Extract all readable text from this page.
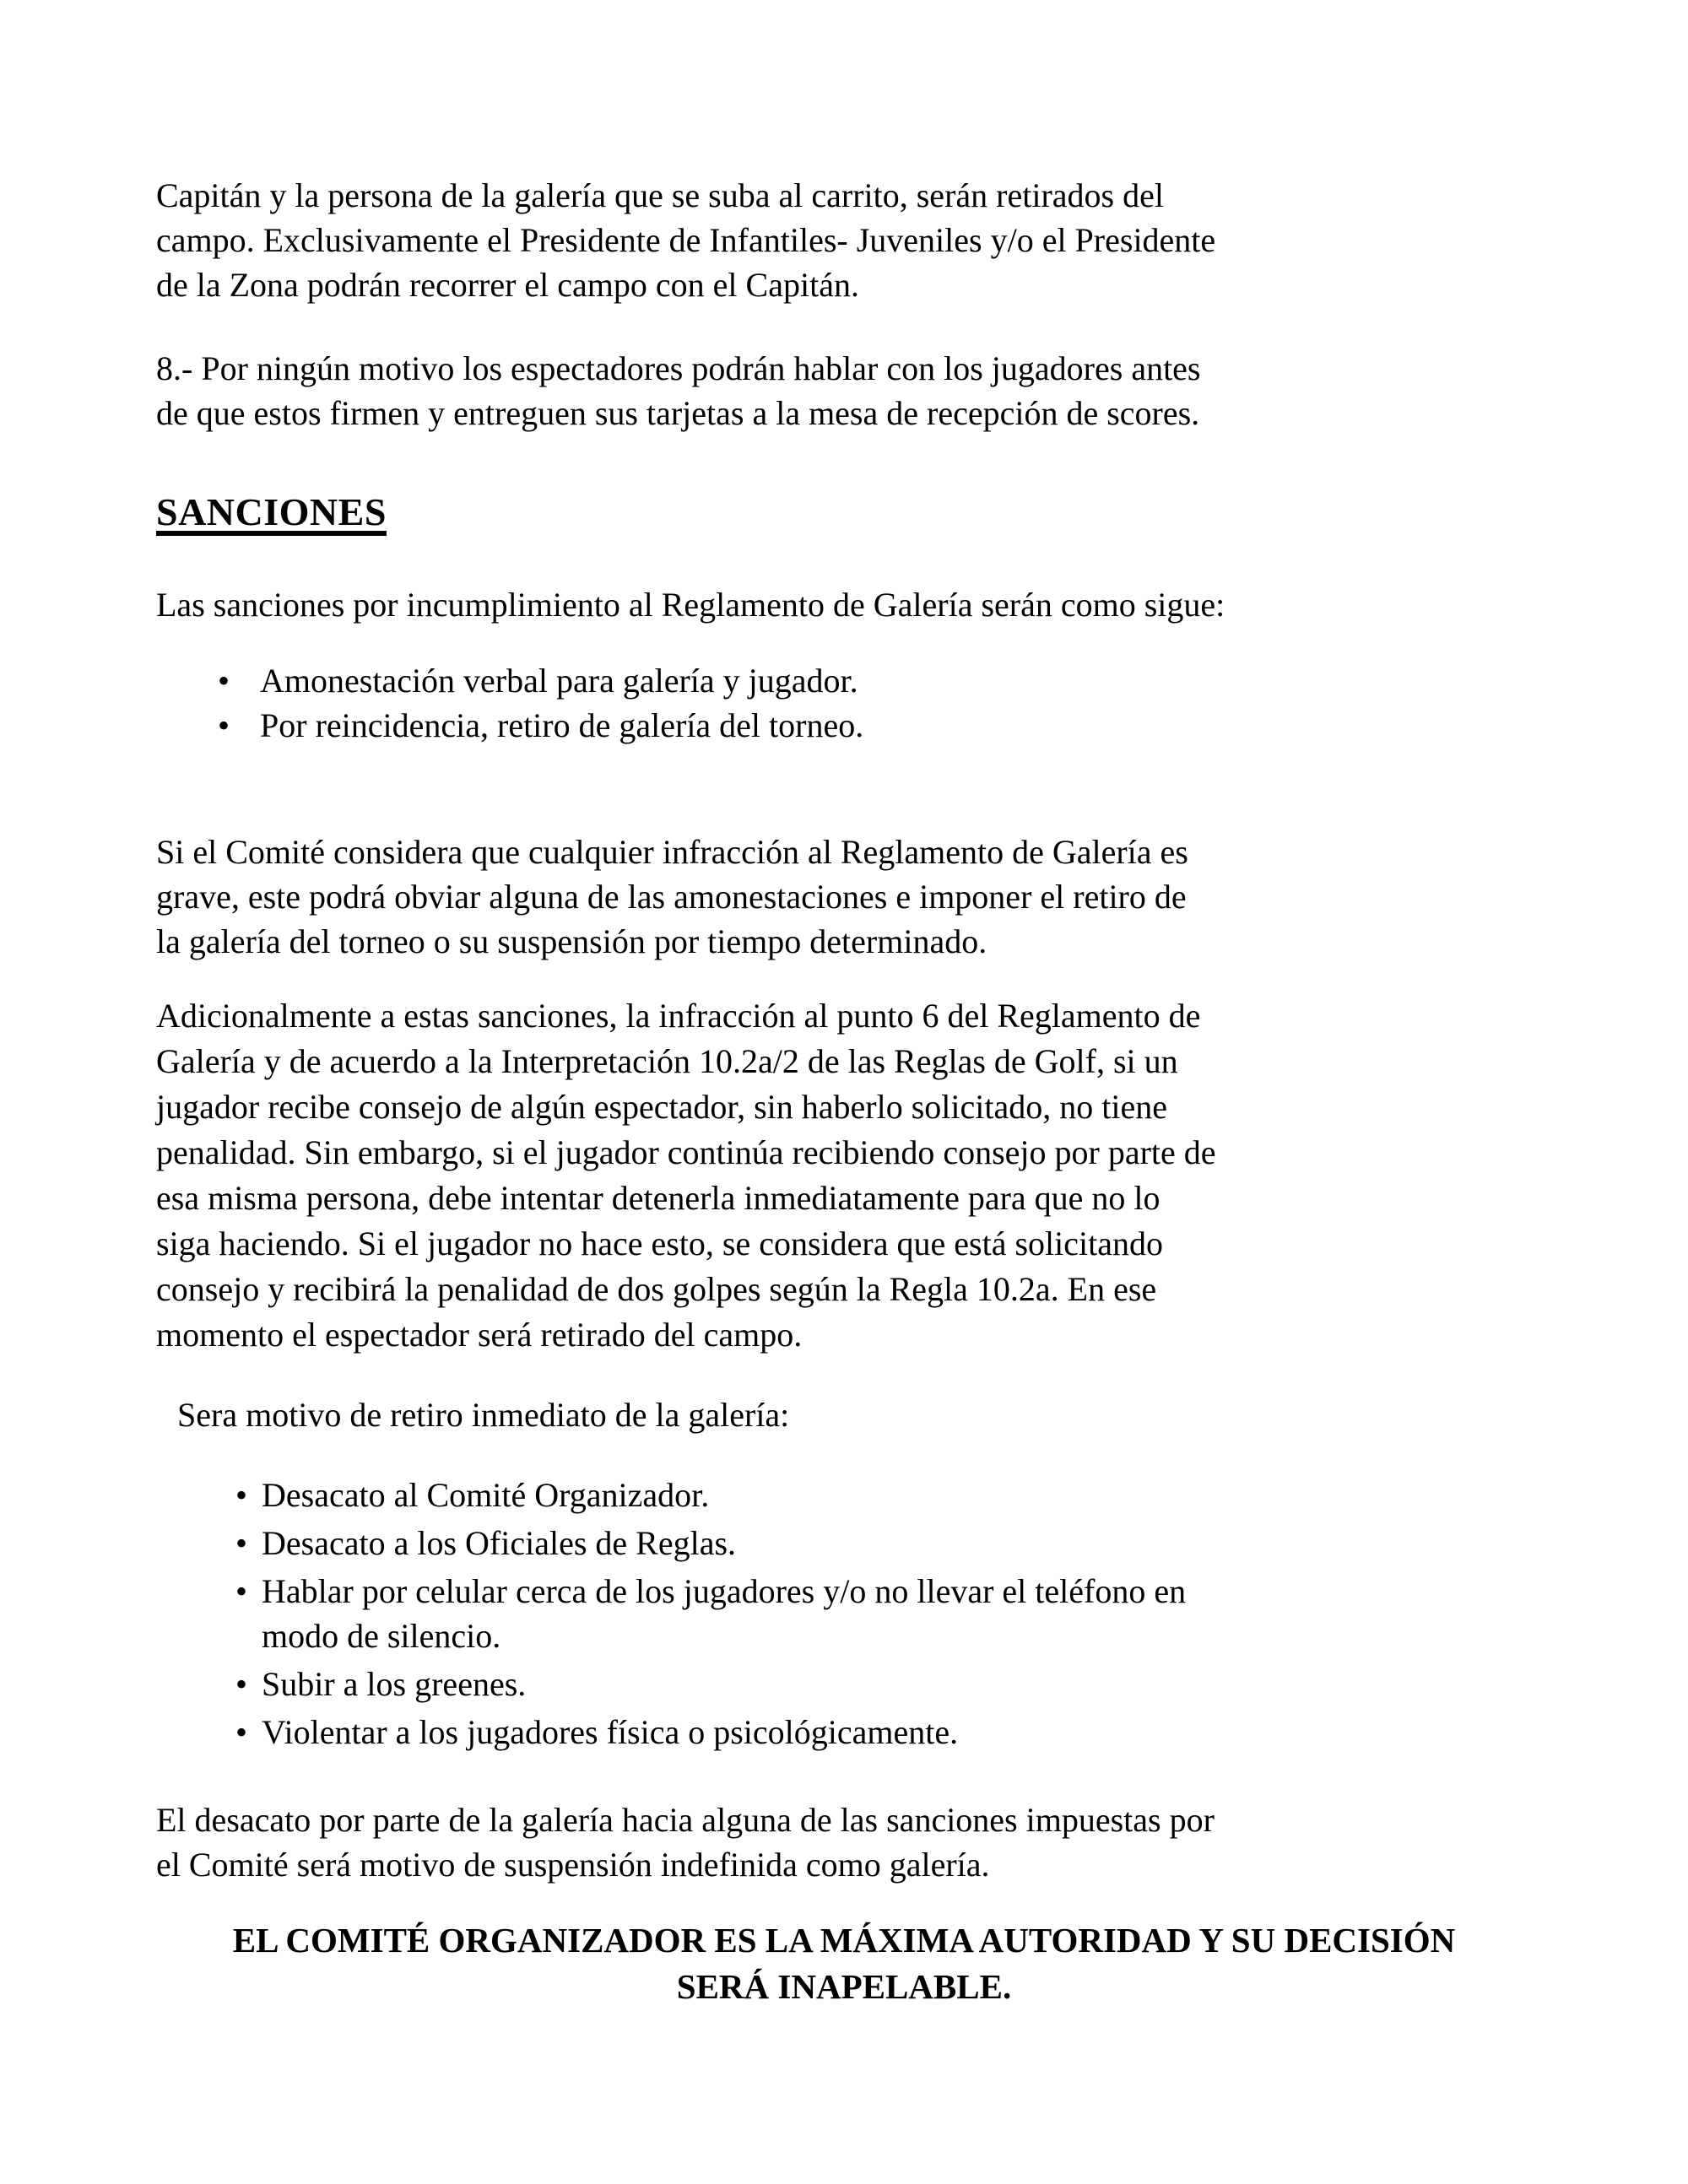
Capitán y la persona de la galería que se suba al carrito, serán retirados del
campo. Exclusivamente el Presidente de Infantiles- Juveniles y/o el Presidente
de la Zona podrán recorrer el campo con el Capitán.
8.- Por ningún motivo los espectadores podrán hablar con los jugadores antes
de que estos firmen y entreguen sus tarjetas a la mesa de recepción de scores.
SANCIONES
Las sanciones por incumplimiento al Reglamento de Galería serán como sigue:
• Amonestación verbal para galería y jugador.
• Por reincidencia, retiro de galería del torneo.
Si el Comité considera que cualquier infracción al Reglamento de Galería es
grave, este podrá obviar alguna de las amonestaciones e imponer el retiro de
la galería del torneo o su suspensión por tiempo determinado.
Adicionalmente a estas sanciones, la infracción al punto 6 del Reglamento de
Galería y de acuerdo a la Interpretación 10.2a/2 de las Reglas de Golf, si un
jugador recibe consejo de algún espectador, sin haberlo solicitado, no tiene
penalidad. Sin embargo, si el jugador continúa recibiendo consejo por parte de
esa misma persona, debe intentar detenerla inmediatamente para que no lo
siga haciendo. Si el jugador no hace esto, se considera que está solicitando
consejo y recibirá la penalidad de dos golpes según la Regla 10.2a. En ese
momento el espectador será retirado del campo.
Sera motivo de retiro inmediato de la galería:
• Desacato al Comité Organizador.
• Desacato a los Oficiales de Reglas.
• Hablar por celular cerca de los jugadores y/o no llevar el teléfono en
modo de silencio.
• Subir a los greenes.
• Violentar a los jugadores física o psicológicamente.
El desacato por parte de la galería hacia alguna de las sanciones impuestas por
el Comité será motivo de suspensión indefinida como galería.
EL COMITÉ ORGANIZADOR ES LA MÁXIMA AUTORIDAD Y SU DECISIÓN
SERÁ INAPELABLE.
